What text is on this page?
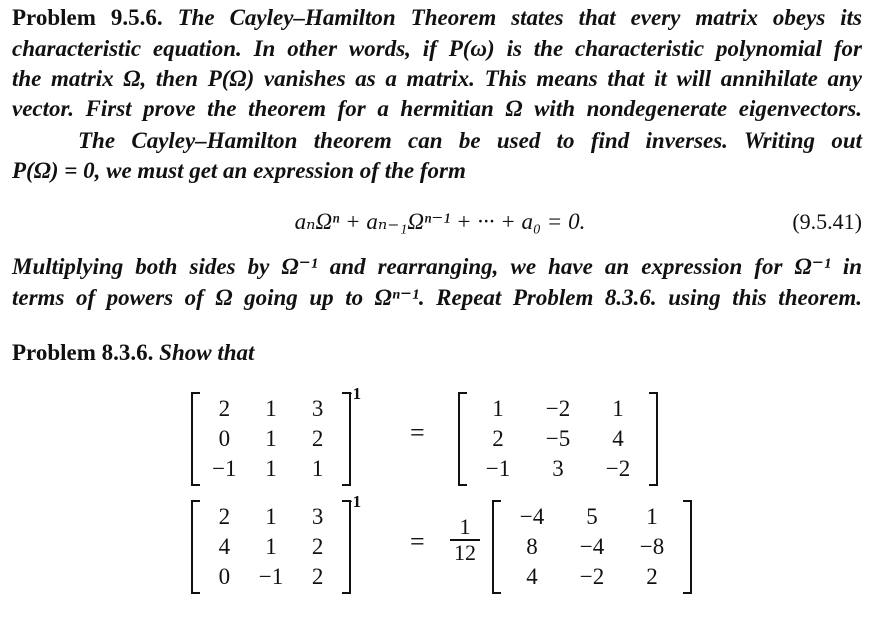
Problem 9.5.6. The Cayley–Hamilton Theorem states that every matrix obeys its
characteristic equation. In other words, if P(ω) is the characteristic polynomial for
the matrix Ω, then P(Ω) vanishes as a matrix. This means that it will annihilate any
vector. First prove the theorem for a hermitian Ω with nondegenerate eigenvectors.
The Cayley–Hamilton theorem can be used to find inverses. Writing out
P(Ω) = 0, we must get an expression of the form
aₙΩⁿ + aₙ₋₁Ωⁿ⁻¹ + ··· + a₀ = 0.	(9.5.41)
Multiplying both sides by Ω⁻¹ and rearranging, we have an expression for Ω⁻¹ in
terms of powers of Ω going up to Ωⁿ⁻¹. Repeat Problem 8.3.6. using this theorem.
Problem 8.3.6. Show that
2	1	3
0	1	2
−1	1	1
−1
=
1	−2	1
2	−5	4
−1	3	−2
2	1	3
4	1	2
0	−1	2
−1
= $\frac{1}{12}$	−4	5	1
8	−4	−8
4	−2	2
